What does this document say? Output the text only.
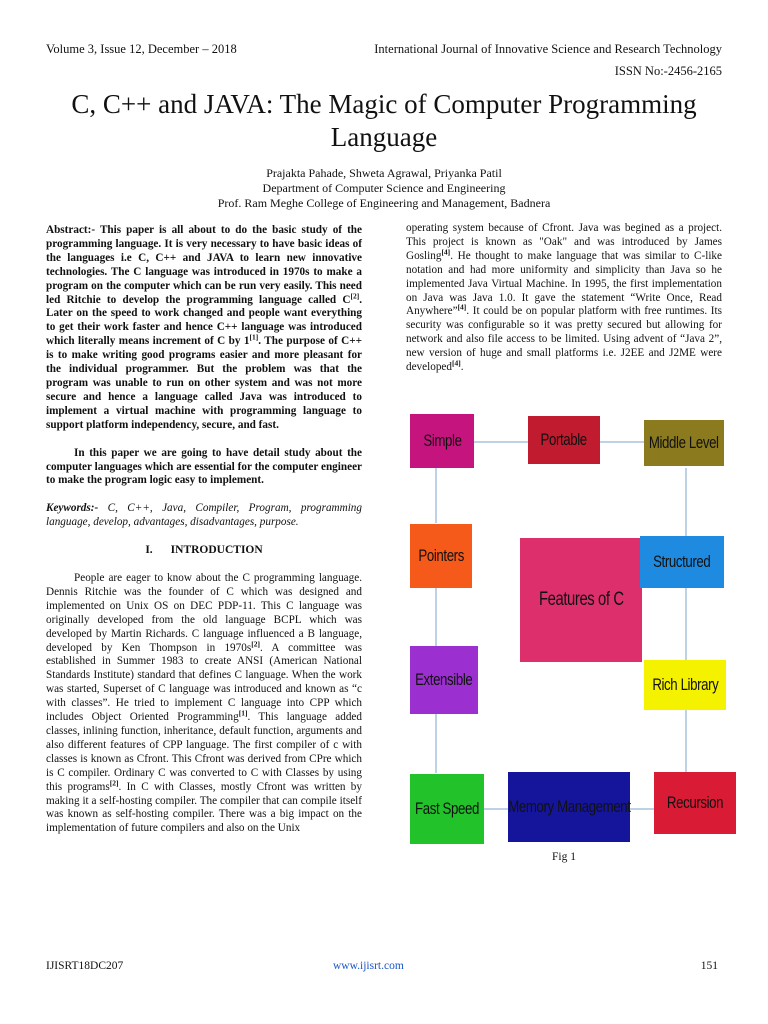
Volume 3, Issue 12, December – 2018	International Journal of Innovative Science and Research Technology
ISSN No:-2456-2165
C, C++ and JAVA: The Magic of Computer Programming Language
Prajakta Pahade, Shweta Agrawal, Priyanka Patil
Department of Computer Science and Engineering
Prof. Ram Meghe College of Engineering and Management, Badnera

Abstract:- This paper is all about to do the basic study of the programming language. It is very necessary to have basic ideas of the languages i.e C, C++ and JAVA to learn new innovative technologies. The C language was introduced in 1970s to make a program on the computer which can be run very easily. This need led Ritchie to develop the programming language called C[2]. Later on the speed to work changed and people want everything to get their work faster and hence C++ language was introduced which literally means increment of C by 1[1]. The purpose of C++ is to make writing good programs easier and more pleasant for the individual programmer. But the problem was that the program was unable to run on other system and was not more secure and hence a language called Java was introduced to implement a virtual machine with programming language to support platform independency, secure, and fast.

In this paper we are going to have detail study about the computer languages which are essential for the computer engineer to make the program logic easy to implement.

Keywords:- C, C++, Java, Compiler, Program, programming language, develop, advantages, disadvantages, purpose.

I. INTRODUCTION

People are eager to know about the C programming language. Dennis Ritchie was the founder of C which was designed and implemented on Unix OS on DEC PDP-11. This C language was originally developed from the old language BCPL which was developed by Martin Richards. C language influenced a B language, developed by Ken Thompson in 1970s[2]. A committee was established in Summer 1983 to create ANSI (American National Standards Institute) standard that defines C language. When the work was started, Superset of C language was introduced and known as “c with classes”. He tried to implement C language into CPP which includes Object Oriented Programming[1]. This language added classes, inlining function, inheritance, default function, arguments and also different features of CPP language. The first compiler of c with classes is known as Cfront. This Cfront was derived from CPre which is C compiler. Ordinary C was converted to C with Classes by using this programs[2]. In C with Classes, mostly Cfront was written by making it a self-hosting compiler. The compiler that can compile itself was known as self-hosting compiler. There was a big impact on the implementation of future compilers and also on the Unix

operating system because of Cfront. Java was begined as a project. This project is known as "Oak" and was introduced by James Gosling[4]. He thought to make language that was similar to C-like notation and had more uniformity and simplicity than Java so he implemented Java Virtual Machine. In 1995, the first implementation on Java was Java 1.0. It gave the statement “Write Once, Read Anywhere”[4]. It could be on popular platform with free runtimes. Its security was configurable so it was pretty secured but allowing for network and also file access to be limited. Using advent of “Java 2”, new version of huge and small platforms i.e. J2EE and J2ME were developed[4].

Simple	Portable	Middle Level
Pointers
Features of C
Structured
Extensible	Rich Library
Fast Speed Memory Management Recursion
Fig 1
IJISRT18DC207	www.ijisrt.com	151
